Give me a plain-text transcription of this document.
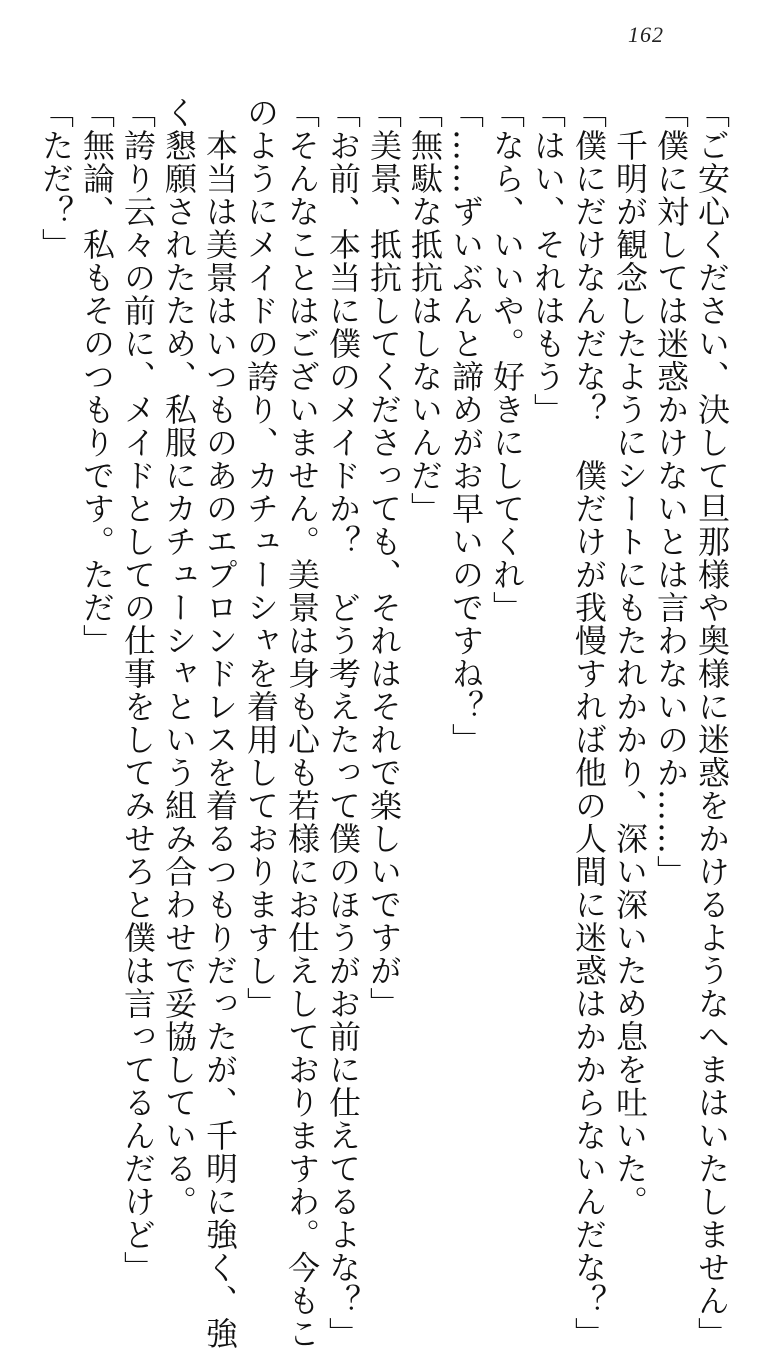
162
「ご安心ください、決して旦那様や奥様に迷惑をかけるようなへまはいたしません」
「僕に対しては迷惑かけないとは言わないのか……」
　千明が観念したようにシートにもたれかかり、深い深いため息を吐いた。
「僕にだけなんだな？　僕だけが我慢すれば他の人間に迷惑はかからないんだな？」
「はい、それはもう」
「なら、いいや。好きにしてくれ」
「……ずいぶんと諦めがお早いのですね？」
「無駄な抵抗はしないんだ」
「美景、抵抗してくださっても、それはそれで楽しいですが」
「お前、本当に僕のメイドか？　どう考えたって僕のほうがお前に仕えてるよな？」
「そんなことはございません。美景は身も心も若様にお仕えしておりますわ。今もこ
のようにメイドの誇り、カチューシャを着用しておりますし」
　本当は美景はいつものあのエプロンドレスを着るつもりだったが、千明に強く、強
く懇願されたため、私服にカチューシャという組み合わせで妥協している。
「誇り云々の前に、メイドとしての仕事をしてみせろと僕は言ってるんだけど」
「無論、私もそのつもりです。ただ」
「ただ？」
